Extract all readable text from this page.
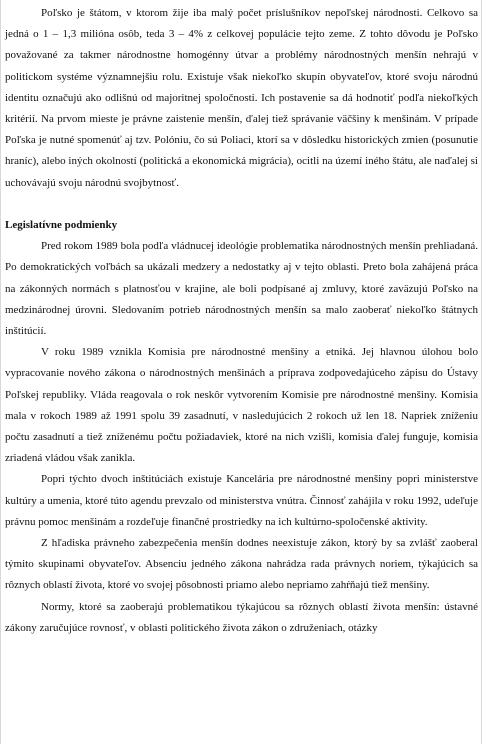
Poľsko je štátom, v ktorom žije iba malý počet príslušníkov nepoľskej národnosti. Celkovo sa jedná o 1 – 1,3 milióna osôb, teda 3 – 4% z celkovej populácie tejto zeme. Z tohto dôvodu je Poľsko považované za takmer národnostne homogénny útvar a problémy národnostných menšín nehrajú v politickom systéme významnejšiu rolu. Existuje však niekoľko skupín obyvateľov, ktoré svoju národnú identitu označujú ako odlišnú od majoritnej spoločnosti. Ich postavenie sa dá hodnotiť podľa niekoľkých kritérií. Na prvom mieste je právne zaistenie menšín, ďalej tiež správanie väčšiny k menšinám. V prípade Poľska je nutné spomenúť aj tzv. Polóniu, čo sú Poliaci, ktorí sa v dôsledku historických zmien (posunutie hraníc), alebo iných okolností (politická a ekonomická migrácia), ocitli na území iného štátu, ale naďalej si uchovávajú svoju národnú svojbytnosť.

Legislatívne podmienky

Pred rokom 1989 bola podľa vládnucej ideológie problematika národnostných menšín prehliadaná. Po demokratických voľbách sa ukázali medzery a nedostatky aj v tejto oblasti. Preto bola zahájená práca na zákonných normách s platnosťou v krajine, ale boli podpísané aj zmluvy, ktoré zaväzujú Poľsko na medzinárodnej úrovni. Sledovaním potrieb národnostných menšín sa malo zaoberať niekoľko štátnych inštitúcií.

V roku 1989 vznikla Komisia pre národnostné menšiny a etniká. Jej hlavnou úlohou bolo vypracovanie nového zákona o národnostných menšinách a príprava zodpovedajúceho zápisu do Ústavy Poľskej republiky. Vláda reagovala o rok neskôr vytvorením Komisie pre národnostné menšiny. Komisia mala v rokoch 1989 až 1991 spolu 39 zasadnutí, v nasledujúcich 2 rokoch už len 18. Napriek zníženiu počtu zasadnutí a tiež zníženému počtu požiadaviek, ktoré na nich vzišli, komisia ďalej funguje, komisia zriadená vládou však zanikla.

Popri týchto dvoch inštitúciách existuje Kancelária pre národnostné menšiny popri ministerstve kultúry a umenia, ktoré túto agendu prevzalo od ministerstva vnútra. Činnosť zahájila v roku 1992, udeľuje právnu pomoc menšinám a rozdeľuje finančné prostriedky na ich kultúrno-spoločenské aktivity.

Z hľadiska právneho zabezpečenia menšín dodnes neexistuje zákon, ktorý by sa zvlášť zaoberal týmito skupinami obyvateľov. Absenciu jedného zákona nahrádza rada právnych noriem, týkajúcich sa rôznych oblastí života, ktoré vo svojej pôsobnosti priamo alebo nepriamo zahŕňajú tiež menšiny.

Normy, ktoré sa zaoberajú problematikou týkajúcou sa rôznych oblastí života menšín: ústavné zákony zaručujúce rovnosť, v oblasti politického života zákon o združeniach, otázky
